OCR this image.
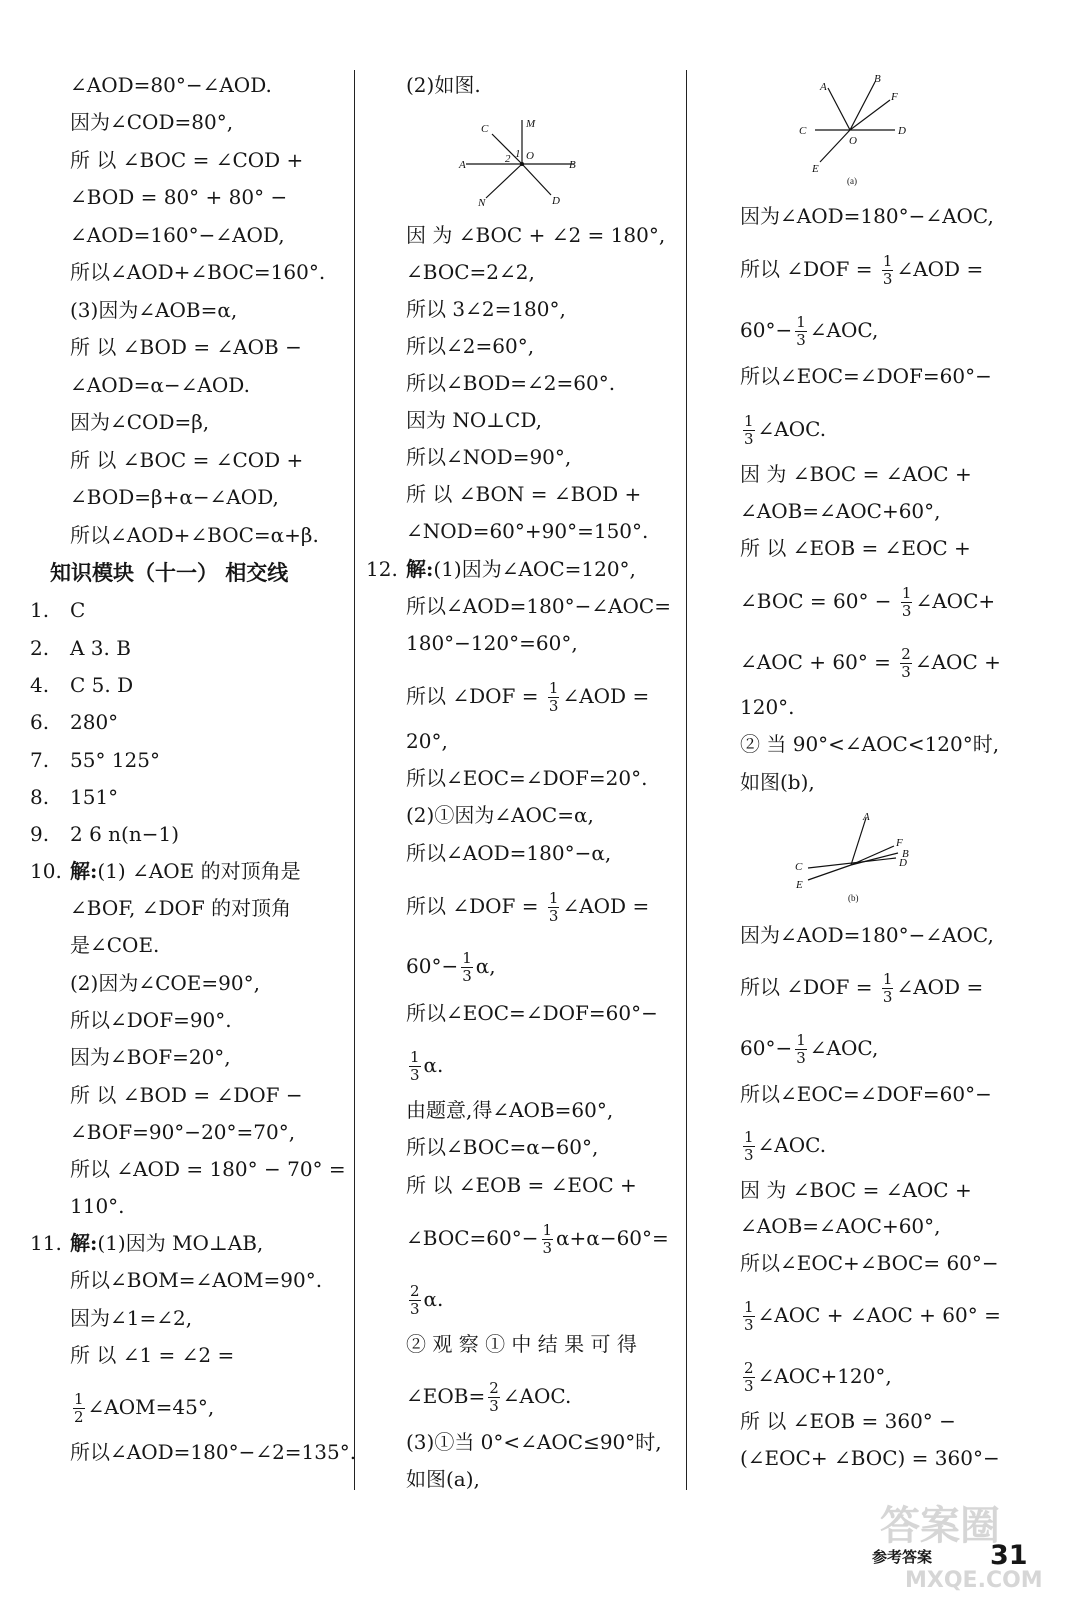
∠AOD=80°−∠AOD.
因为∠COD=80°,
所 以 ∠BOC = ∠COD +
∠BOD = 80° + 80° −
∠AOD=160°−∠AOD,
所以∠AOD+∠BOC=160°.
(3)因为∠AOB=α,
所 以 ∠BOD = ∠AOB −
∠AOD=α−∠AOD.
因为∠COD=β,
所 以 ∠BOC = ∠COD +
∠BOD=β+α−∠AOD,
所以∠AOD+∠BOC=α+β.
知识模块（十一） 相交线
1. C
2. A 3. B
4. C 5. D
6. 280°
7. 55° 125°
8. 151°
9. 2 6 n(n−1)
10. 解:(1) ∠AOE 的对顶角是
∠BOF, ∠DOF 的对顶角
是∠COE.
(2)因为∠COE=90°,
所以∠DOF=90°.
因为∠BOF=20°,
所 以 ∠BOD = ∠DOF −
∠BOF=90°−20°=70°,
所以 ∠AOD = 180° − 70° =
110°.
11. 解:(1)因为 MO⊥AB,
所以∠BOM=∠AOM=90°.
因为∠1=∠2,
所 以 ∠1 = ∠2 =
$\frac{1}{2}$ ∠AOM=45°,
所以∠AOD=180°−∠2=135°.
(2)如图.
因 为 ∠BOC + ∠2 = 180°,
∠BOC=2∠2,
所以 3∠2=180°,
所以∠2=60°,
所以∠BOD=∠2=60°.
因为 NO⊥CD,
所以∠NOD=90°,
所 以 ∠BON = ∠BOD +
∠NOD=60°+90°=150°.
12. 解:(1)因为∠AOC=120°,
所以∠AOD=180°−∠AOC=
180°−120°=60°,
所以 ∠DOF = $\frac{1}{3}$ ∠AOD =
20°,
所以∠EOC=∠DOF=20°.
(2)①因为∠AOC=α,
所以∠AOD=180°−α,
所以 ∠DOF = $\frac{1}{3}$ ∠AOD =
$60^\circ- \frac{1}{3} \alpha$,
所以∠EOC=∠DOF=60°−
$\frac{1}{3} \alpha$.
由题意,得∠AOB=60°,
所以∠BOC=α−60°,
所 以 ∠EOB = ∠EOC +
∠BOC=60°− $\frac{1}{3} \alpha+\alpha-60^\circ=$
$\frac{2}{3} \alpha$.
② 观 察 ① 中 结 果 可 得
∠EOB= $\frac{2}{3}$ ∠AOC.
(3)①当 0°<∠AOC≤90°时,
如图(a),
因为∠AOD=180°−∠AOC,
所以 ∠DOF = $\frac{1}{3}$ ∠AOD =
$60^\circ- \frac{1}{3}$ ∠AOC,
所以∠EOC=∠DOF=60°−
$\frac{1}{3}$ ∠AOC.
因 为 ∠BOC = ∠AOC +
∠AOB=∠AOC+60°,
所 以 ∠EOB = ∠EOC +
∠BOC = $60^\circ - \frac{1}{3}$ ∠AOC+
∠AOC + $60^\circ = \frac{2}{3}$ ∠AOC +
120°.
② 当 90°<∠AOC<120°时,
如图(b),
因为∠AOD=180°−∠AOC,
所以 ∠DOF = $\frac{1}{3}$ ∠AOD =
$60^\circ- \frac{1}{3}$ ∠AOC,
所以∠EOC=∠DOF=60°−
$\frac{1}{3}$ ∠AOC.
因 为 ∠BOC = ∠AOC +
∠AOB=∠AOC+60°,
所以∠EOC+∠BOC= 60°−
$\frac{1}{3}$ ∠AOC + ∠AOC + 60° =
$\frac{2}{3}$ ∠AOC+120°,
所 以 ∠EOB = 360° −
(∠EOC+ ∠BOC) = 360°−
C	M
A	2 1 O
B
N	D
A
B
F
C
O
D
E
(a)
A
F
B
C	D
E
(b)
参考答案 31
答案圈
MXQE.COM
